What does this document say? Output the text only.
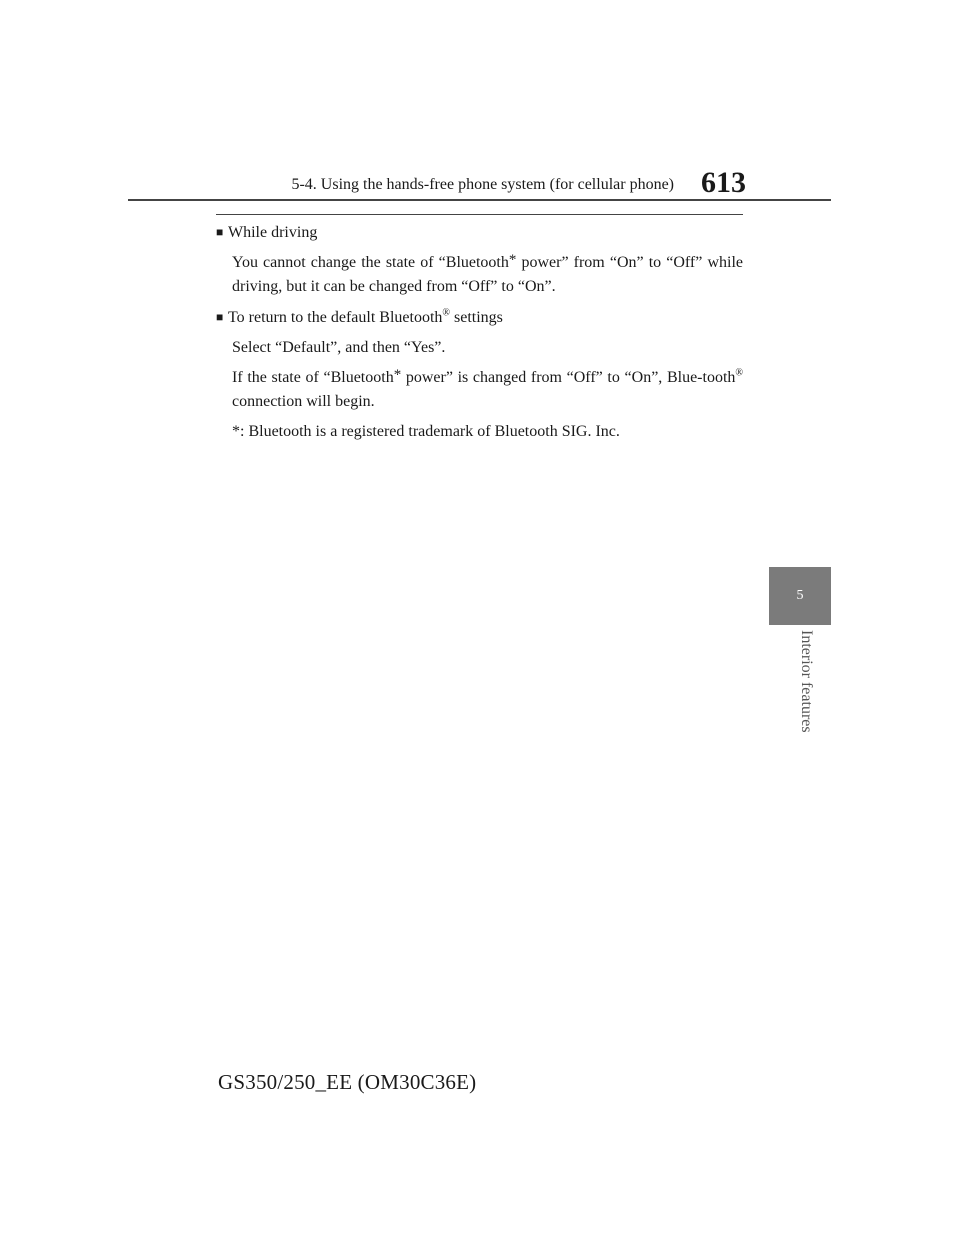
5-4. Using the hands-free phone system (for cellular phone) 613

■ While driving

You cannot change the state of “Bluetooth* power” from “On” to “Off” while driving, but it can be changed from “Off” to “On”.

■ To return to the default Bluetooth® settings

Select “Default”, and then “Yes”.

If the state of “Bluetooth* power” is changed from “Off” to “On”, Blue-tooth® connection will begin.

*: Bluetooth is a registered trademark of Bluetooth SIG. Inc.

5
Interior features
GS350/250_EE (OM30C36E)
